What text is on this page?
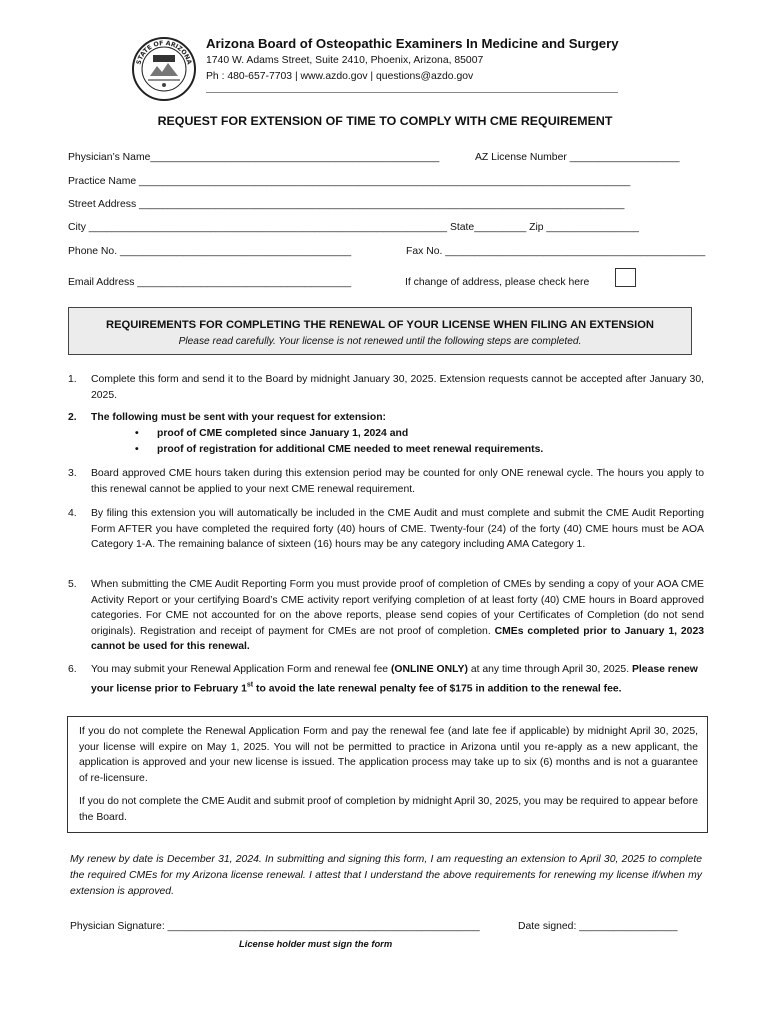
STATE OF ARIZONA
Arizona Board of Osteopathic Examiners In Medicine and Surgery
1740 W. Adams Street, Suite 2410, Phoenix, Arizona, 85007
Ph : 480-657-7703 | www.azdo.gov | questions@azdo.gov
REQUEST FOR EXTENSION OF TIME TO COMPLY WITH CME REQUIREMENT
Physician’s Name__________________________________________________	AZ License Number ___________________
Practice Name _____________________________________________________________________________________
Street Address ____________________________________________________________________________________
City ______________________________________________________________ State_________ Zip ________________
Phone No. ________________________________________	Fax No. _____________________________________________
Email Address _____________________________________	If change of address, please check here
REQUIREMENTS FOR COMPLETING THE RENEWAL OF YOUR LICENSE WHEN FILING AN EXTENSION
Please read carefully. Your license is not renewed until the following steps are completed.
1. Complete this form and send it to the Board by midnight January 30, 2025. Extension requests cannot be accepted after January 30, 2025.
2. The following must be sent with your request for extension:
• proof of CME completed since January 1, 2024 and
• proof of registration for additional CME needed to meet renewal requirements.
3. Board approved CME hours taken during this extension period may be counted for only ONE renewal cycle. The hours you apply to this renewal cannot be applied to your next CME renewal requirement.
4. By filing this extension you will automatically be included in the CME Audit and must complete and submit the CME Audit Reporting Form AFTER you have completed the required forty (40) hours of CME. Twenty-four (24) of the forty (40) CME hours must be AOA Category 1-A. The remaining balance of sixteen (16) hours may be any category including AMA Category 1.
5. When submitting the CME Audit Reporting Form you must provide proof of completion of CMEs by sending a copy of your AOA CME Activity Report or your certifying Board’s CME activity report verifying completion of at least forty (40) CME hours in Board approved categories. For CME not accounted for on the above reports, please send copies of your Certificates of Completion (do not send originals). Registration and receipt of payment for CMEs are not proof of completion. CMEs completed prior to January 1, 2023 cannot be used for this renewal.
6. You may submit your Renewal Application Form and renewal fee (ONLINE ONLY) at any time through April 30, 2025. Please renew your license prior to February 1st to avoid the late renewal penalty fee of $175 in addition to the renewal fee.
If you do not complete the Renewal Application Form and pay the renewal fee (and late fee if applicable) by midnight April 30, 2025, your license will expire on May 1, 2025. You will not be permitted to practice in Arizona until you re-apply as a new applicant, the application is approved and your new license is issued. The application process may take up to six (6) months and is not a guarantee of re-licensure.
If you do not complete the CME Audit and submit proof of completion by midnight April 30, 2025, you may be required to appear before the Board.
My renew by date is December 31, 2024. In submitting and signing this form, I am requesting an extension to April 30, 2025 to complete the required CMEs for my Arizona license renewal. I attest that I understand the above requirements for renewing my license if/when my extension is approved.
Physician Signature: ______________________________________________________	Date signed: _________________
License holder must sign the form
